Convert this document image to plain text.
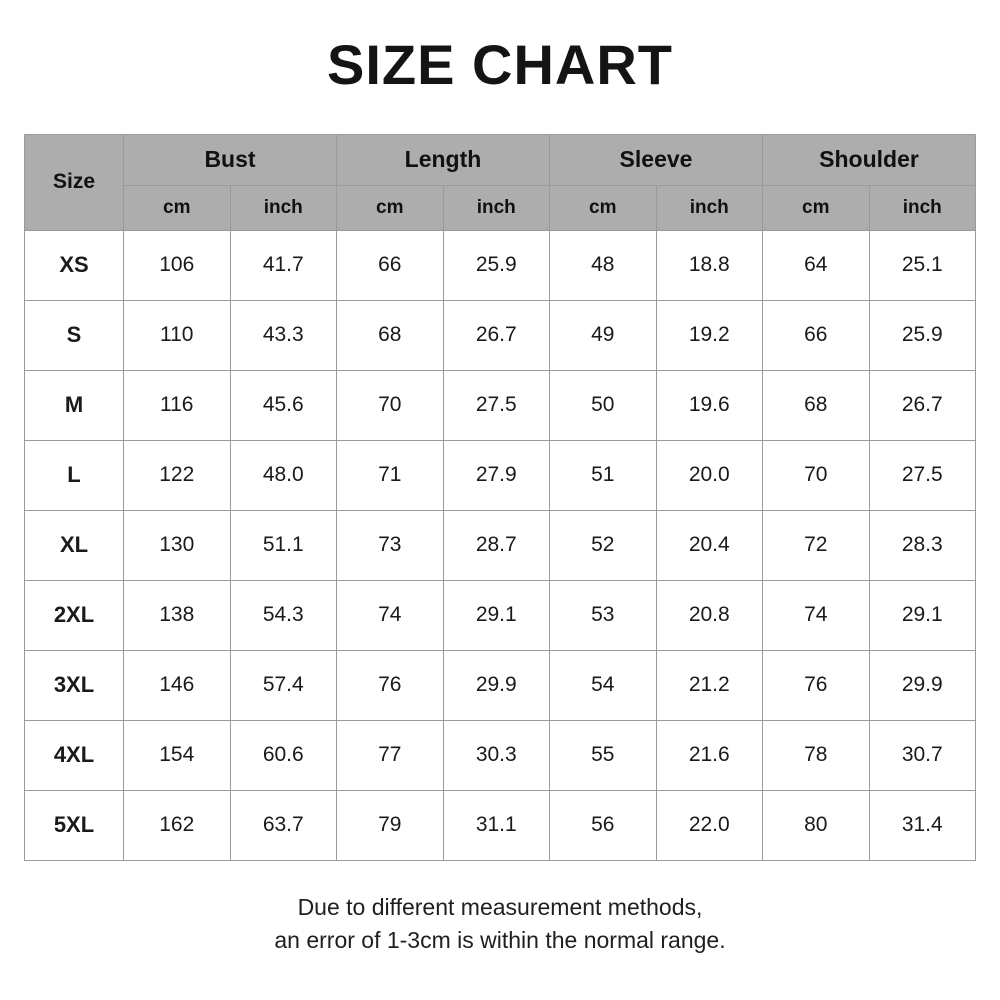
SIZE CHART
Size	Bust		Length		Sleeve		Shoulder	
	cm	inch	cm	inch	cm	inch	cm	inch
XS	106	41.7	66	25.9	48	18.8	64	25.1
S	110	43.3	68	26.7	49	19.2	66	25.9
M	116	45.6	70	27.5	50	19.6	68	26.7
L	122	48.0	71	27.9	51	20.0	70	27.5
XL	130	51.1	73	28.7	52	20.4	72	28.3
2XL	138	54.3	74	29.1	53	20.8	74	29.1
3XL	146	57.4	76	29.9	54	21.2	76	29.9
4XL	154	60.6	77	30.3	55	21.6	78	30.7
5XL	162	63.7	79	31.1	56	22.0	80	31.4
Due to different measurement methods,
an error of 1-3cm is within the normal range.
